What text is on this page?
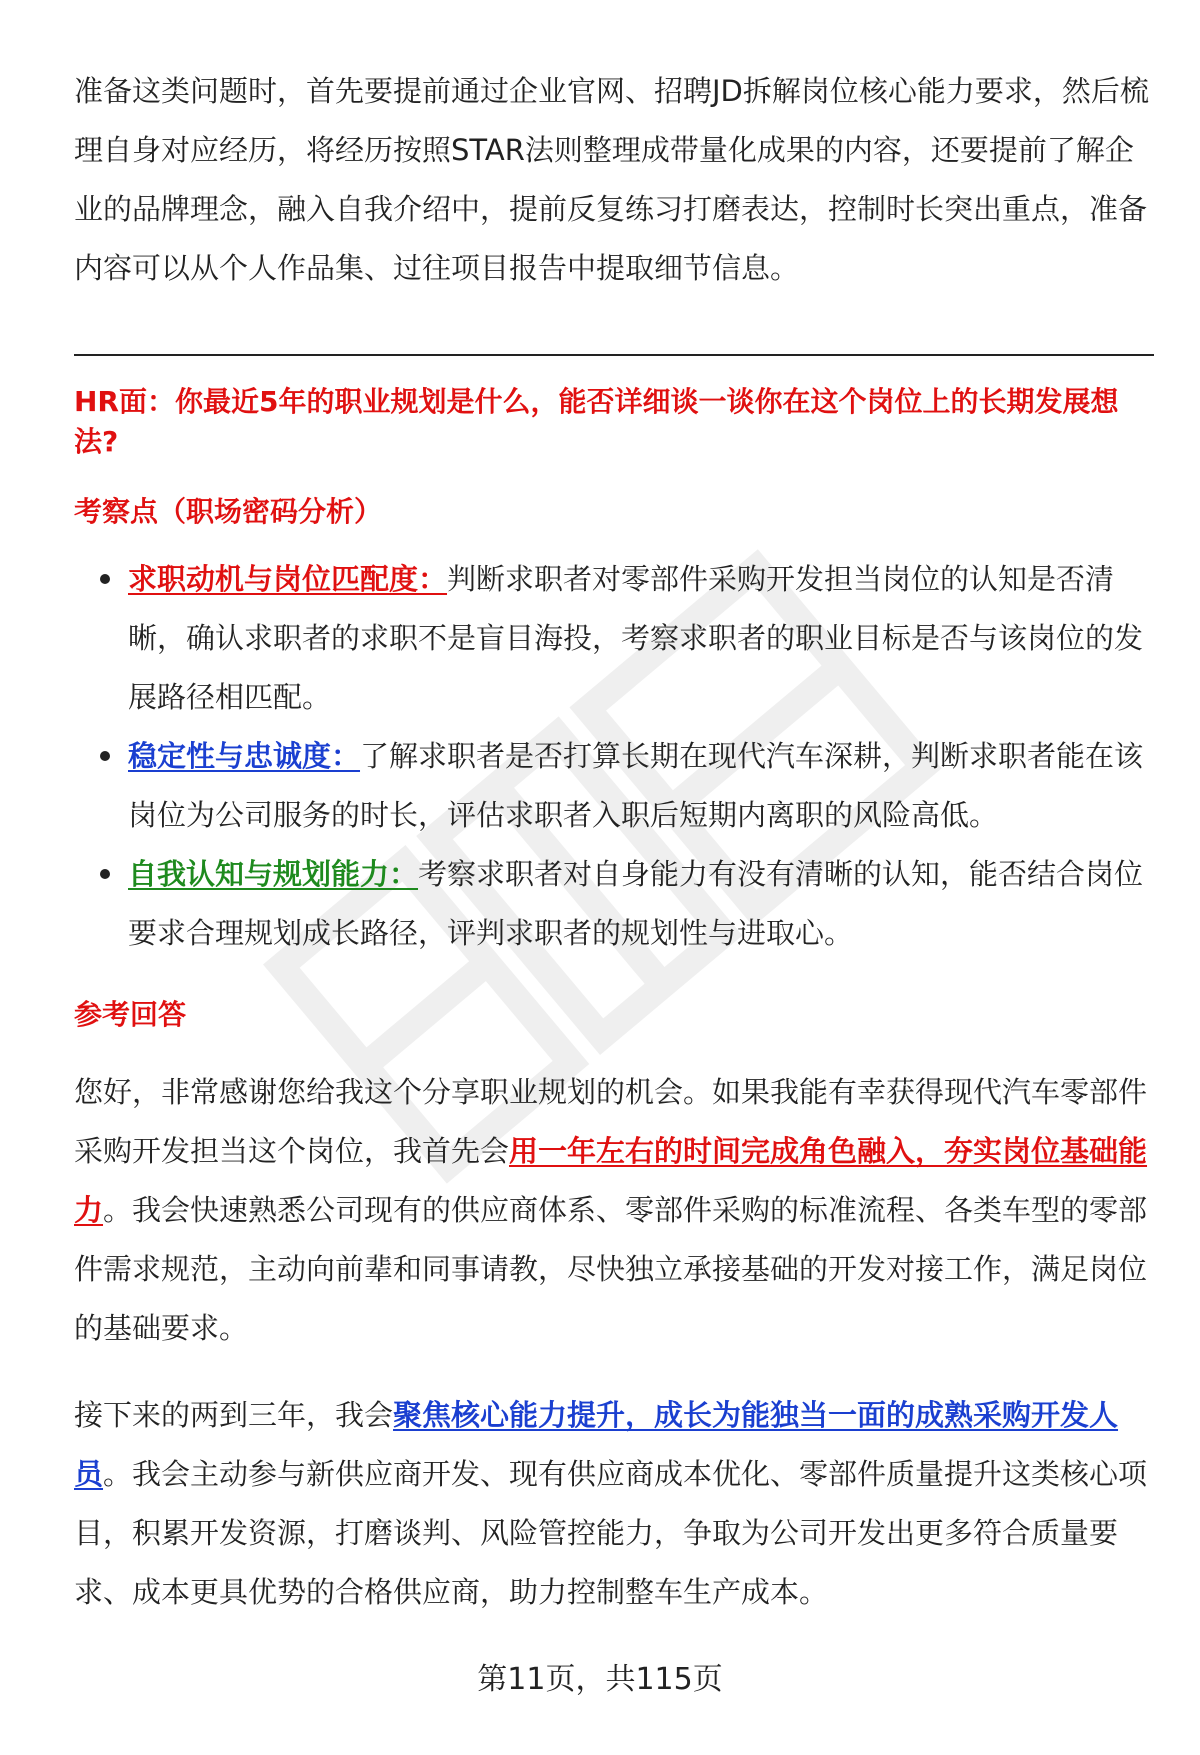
准备这类问题时，首先要提前通过企业官网、招聘JD拆解岗位核心能力要求，然后梳理自身对应经历，将经历按照STAR法则整理成带量化成果的内容，还要提前了解企业的品牌理念，融入自我介绍中，提前反复练习打磨表达，控制时长突出重点，准备内容可以从个人作品集、过往项目报告中提取细节信息。

HR面：你最近5年的职业规划是什么，能否详细谈一谈你在这个岗位上的长期发展想法?
考察点（职场密码分析）
求职动机与岗位匹配度：判断求职者对零部件采购开发担当岗位的认知是否清晰，确认求职者的求职不是盲目海投，考察求职者的职业目标是否与该岗位的发展路径相匹配。
稳定性与忠诚度：了解求职者是否打算长期在现代汽车深耕，判断求职者能在该岗位为公司服务的时长，评估求职者入职后短期内离职的风险高低。
自我认知与规划能力：考察求职者对自身能力有没有清晰的认知，能否结合岗位要求合理规划成长路径，评判求职者的规划性与进取心。
参考回答

您好，非常感谢您给我这个分享职业规划的机会。如果我能有幸获得现代汽车零部件采购开发担当这个岗位，我首先会用一年左右的时间完成角色融入，夯实岗位基础能力。我会快速熟悉公司现有的供应商体系、零部件采购的标准流程、各类车型的零部件需求规范，主动向前辈和同事请教，尽快独立承接基础的开发对接工作，满足岗位的基础要求。

接下来的两到三年，我会聚焦核心能力提升，成长为能独当一面的成熟采购开发人员。我会主动参与新供应商开发、现有供应商成本优化、零部件质量提升这类核心项目，积累开发资源，打磨谈判、风险管控能力，争取为公司开发出更多符合质量要求、成本更具优势的合格供应商，助力控制整车生产成本。

第11页，共115页
